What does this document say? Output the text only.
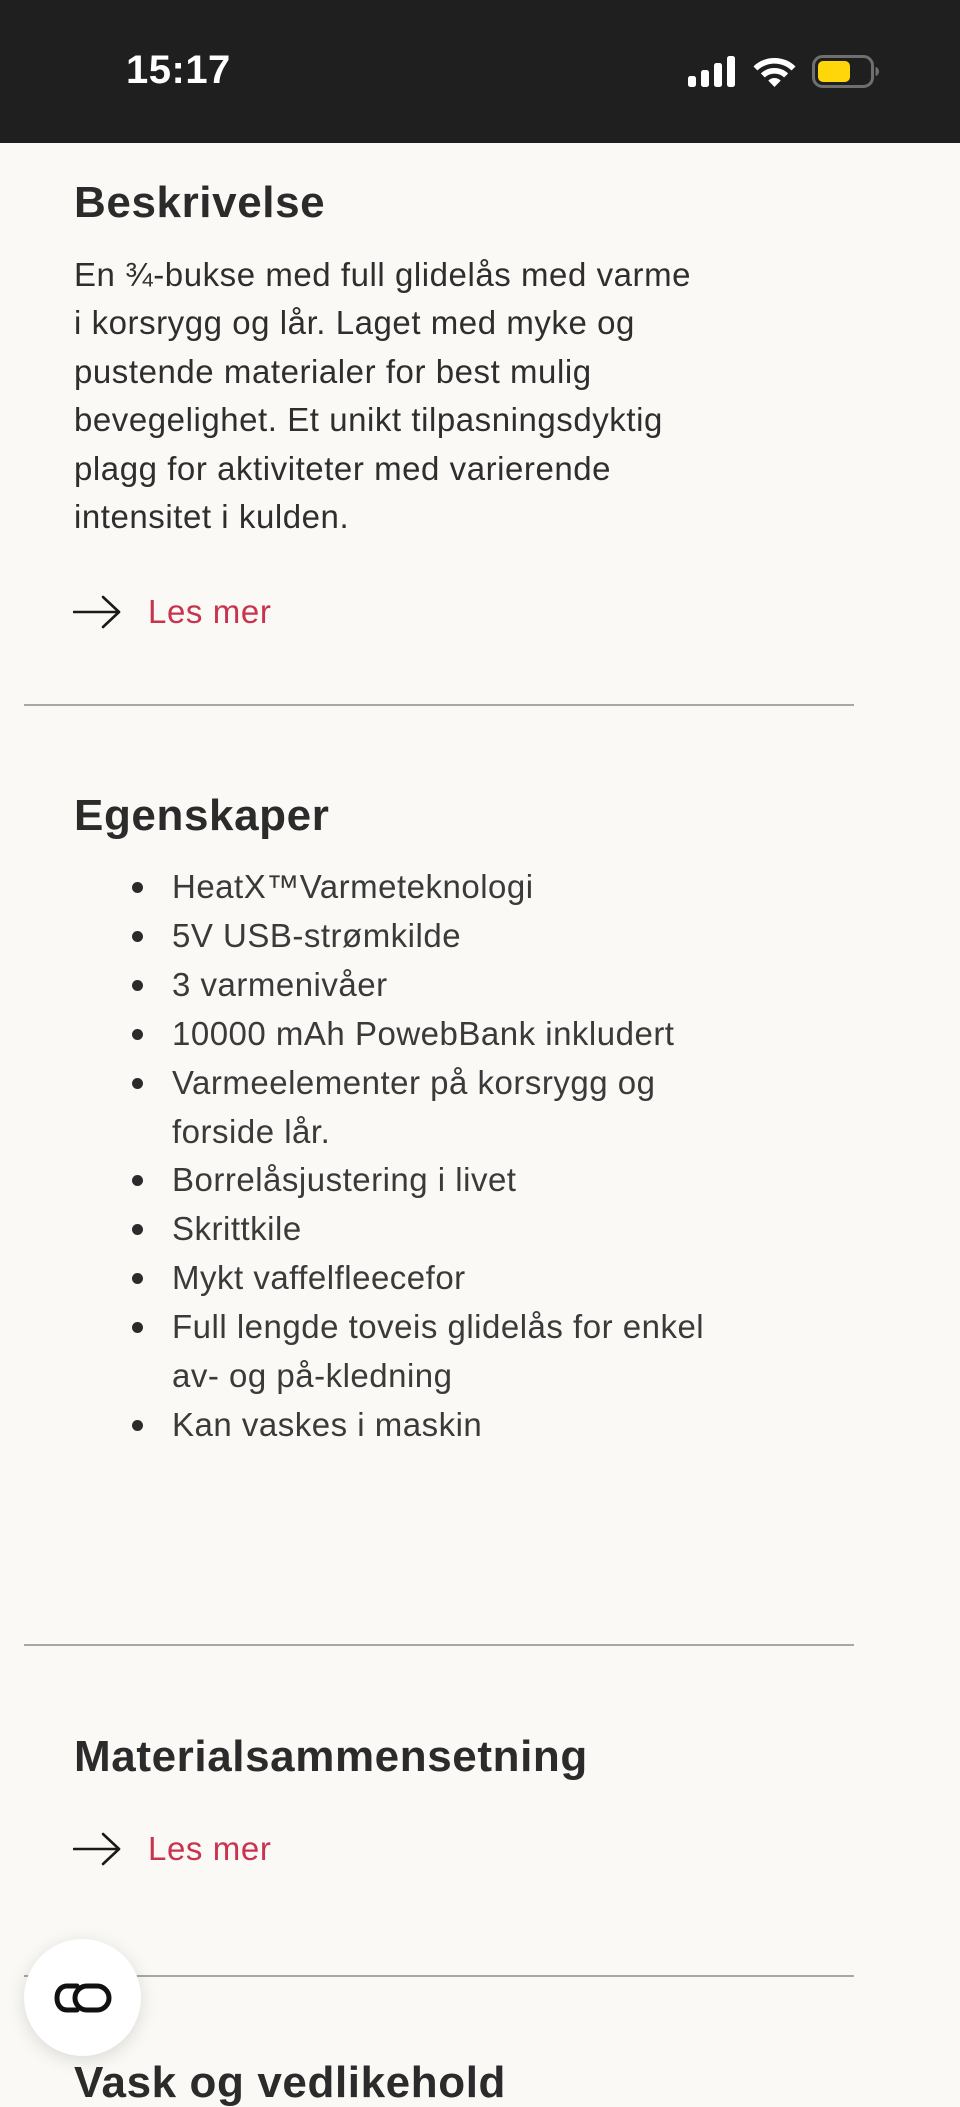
15:17
Beskrivelse

En ¾-bukse med full glidelås med varme
i korsrygg og lår. Laget med myke og
pustende materialer for best mulig
bevegelighet. Et unikt tilpasningsdyktig
plagg for aktiviteter med varierende
intensitet i kulden.

Les mer
Egenskaper
HeatX™Varmeteknologi
5V USB-strømkilde
3 varmenivåer
10000 mAh PowebBank inkludert
Varmeelementer på korsrygg og
forside lår.
Borrelåsjustering i livet
Skrittkile
Mykt vaffelfleecefor
Full lengde toveis glidelås for enkel
av- og på-kledning
Kan vaskes i maskin
Materialsammensetning
Les mer
Vask og vedlikehold
